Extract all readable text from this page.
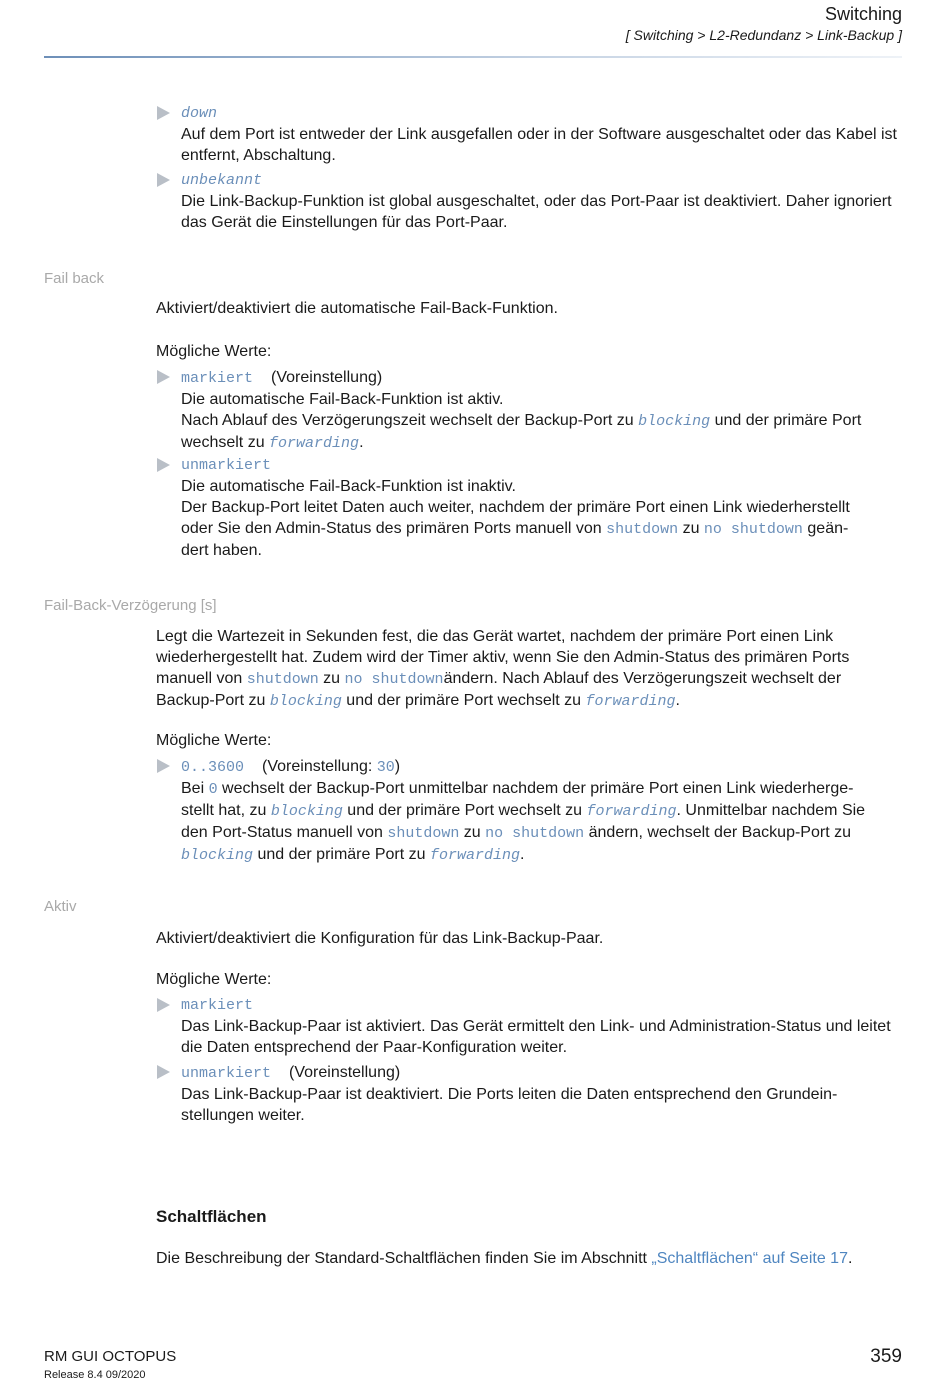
Switching
[ Switching > L2-Redundanz > Link-Backup ]
down
Auf dem Port ist entweder der Link ausgefallen oder in der Software ausgeschaltet oder das Kabel ist entfernt, Abschaltung.
unbekannt
Die Link-Backup-Funktion ist global ausgeschaltet, oder das Port-Paar ist deaktiviert. Daher ignoriert das Gerät die Einstellungen für das Port-Paar.
Fail back
Aktiviert/deaktiviert die automatische Fail-Back-Funktion.
Mögliche Werte:
markiert (Voreinstellung)
Die automatische Fail-Back-Funktion ist aktiv.
Nach Ablauf des Verzögerungszeit wechselt der Backup-Port zu blocking und der primäre Port
wechselt zu forwarding.
unmarkiert
Die automatische Fail-Back-Funktion ist inaktiv.
Der Backup-Port leitet Daten auch weiter, nachdem der primäre Port einen Link wiederherstellt
oder Sie den Admin-Status des primären Ports manuell von shutdown zu no shutdown geän-
dert haben.
Fail-Back-Verzögerung [s]
Legt die Wartezeit in Sekunden fest, die das Gerät wartet, nachdem der primäre Port einen Link
wiederhergestellt hat. Zudem wird der Timer aktiv, wenn Sie den Admin-Status des primären Ports
manuell von shutdown zu no shutdownändern. Nach Ablauf des Verzögerungszeit wechselt der
Backup-Port zu blocking und der primäre Port wechselt zu forwarding.
Mögliche Werte:
0..3600 (Voreinstellung: 30)
Bei 0 wechselt der Backup-Port unmittelbar nachdem der primäre Port einen Link wiederherge-
stellt hat, zu blocking und der primäre Port wechselt zu forwarding. Unmittelbar nachdem Sie
den Port-Status manuell von shutdown zu no shutdown ändern, wechselt der Backup-Port zu
blocking und der primäre Port zu forwarding.
Aktiv
Aktiviert/deaktiviert die Konfiguration für das Link-Backup-Paar.
Mögliche Werte:
markiert
Das Link-Backup-Paar ist aktiviert. Das Gerät ermittelt den Link- und Administration-Status und leitet die Daten entsprechend der Paar-Konfiguration weiter.
unmarkiert (Voreinstellung)
Das Link-Backup-Paar ist deaktiviert. Die Ports leiten die Daten entsprechend den Grundein-stellungen weiter.
Schaltflächen
Die Beschreibung der Standard-Schaltflächen finden Sie im Abschnitt „Schaltflächen“ auf Seite 17.
RM GUI OCTOPUS
Release 8.4 09/2020
359
